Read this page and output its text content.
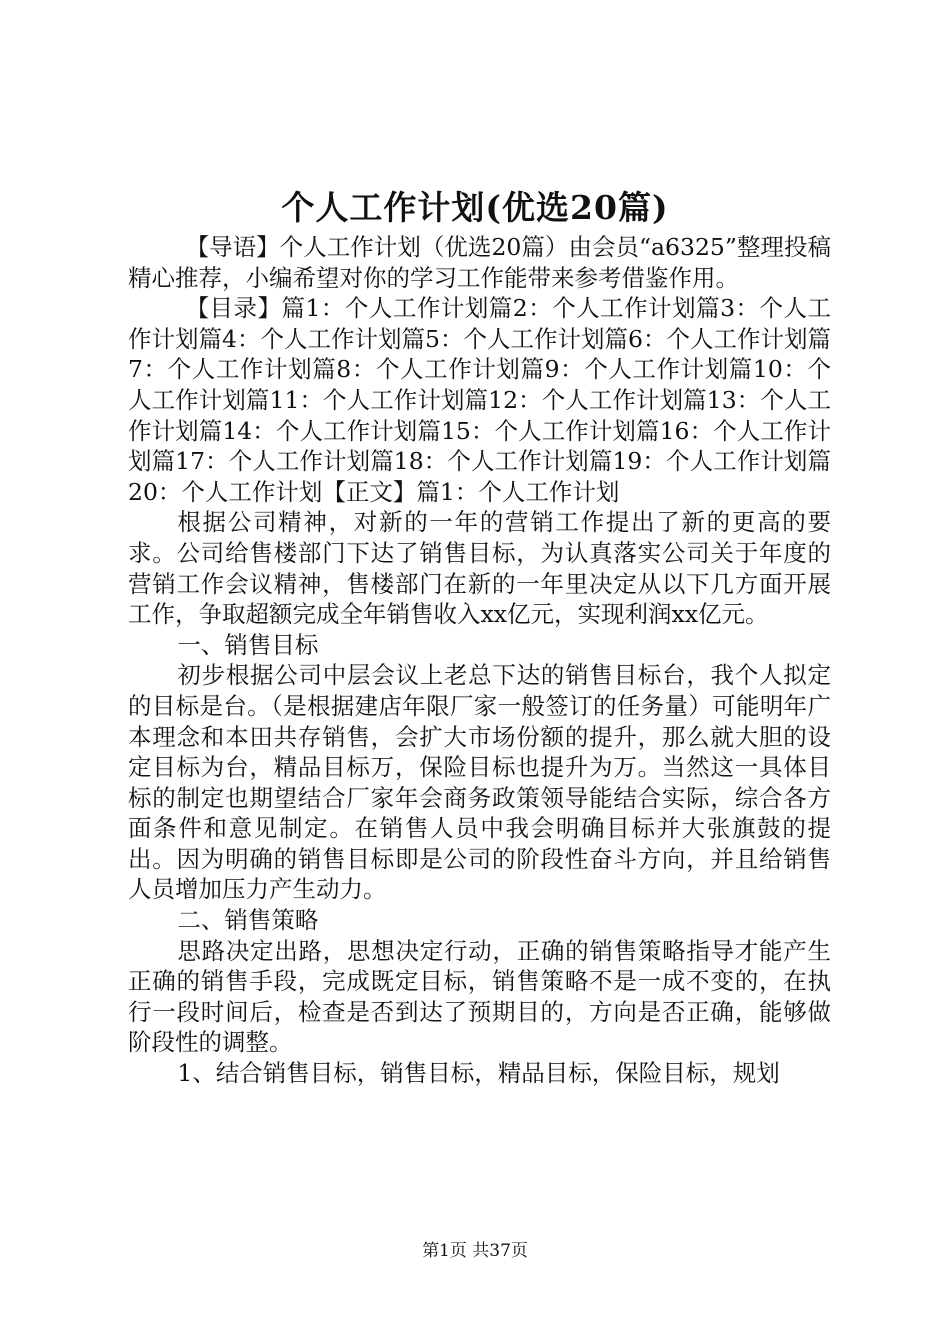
个人工作计划(优选20篇)

【导语】个人工作计划（优选20篇）由会员“a6325”整理投稿精心推荐，小编希望对你的学习工作能带来参考借鉴作用。

【目录】篇1：个人工作计划篇2：个人工作计划篇3：个人工作计划篇4：个人工作计划篇5：个人工作计划篇6：个人工作计划篇7：个人工作计划篇8：个人工作计划篇9：个人工作计划篇10：个人工作计划篇11：个人工作计划篇12：个人工作计划篇13：个人工作计划篇14：个人工作计划篇15：个人工作计划篇16：个人工作计划篇17：个人工作计划篇18：个人工作计划篇19：个人工作计划篇20：个人工作计划【正文】篇1：个人工作计划

根据公司精神，对新的一年的营销工作提出了新的更高的要求。公司给售楼部门下达了销售目标，为认真落实公司关于年度的营销工作会议精神，售楼部门在新的一年里决定从以下几方面开展工作，争取超额完成全年销售收入xx亿元，实现利润xx亿元。

一、销售目标

初步根据公司中层会议上老总下达的销售目标台，我个人拟定的目标是台。（是根据建店年限厂家一般签订的任务量）可能明年广本理念和本田共存销售，会扩大市场份额的提升，那么就大胆的设定目标为台，精品目标万，保险目标也提升为万。当然这一具体目标的制定也期望结合厂家年会商务政策领导能结合实际，综合各方面条件和意见制定。在销售人员中我会明确目标并大张旗鼓的提出。因为明确的销售目标即是公司的阶段性奋斗方向，并且给销售人员增加压力产生动力。

二、销售策略

思路决定出路，思想决定行动，正确的销售策略指导才能产生正确的销售手段，完成既定目标，销售策略不是一成不变的，在执行一段时间后，检查是否到达了预期目的，方向是否正确，能够做阶段性的调整。

1、结合销售目标，销售目标，精品目标，保险目标，规划

第1页 共37页
